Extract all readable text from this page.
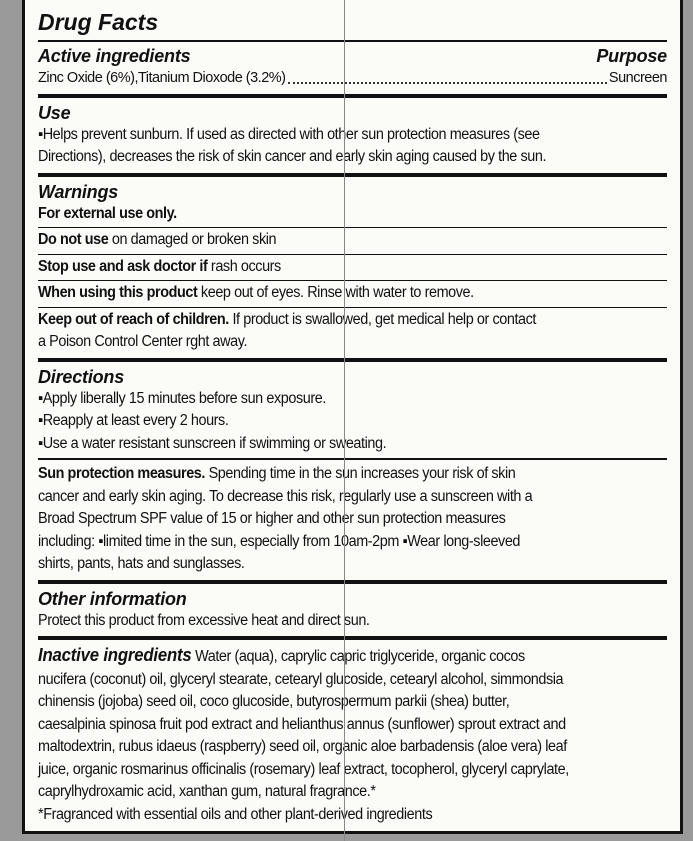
Drug Facts
Active ingredients	Purpose
Zinc Oxide (6%),Titanium Dioxode (3.2%)	Suncreen
Use
▪Helps prevent sunburn. If used as directed with other sun protection measures (see
Directions), decreases the risk of skin cancer and early skin aging caused by the sun.
Warnings
For external use only.
Do not use on damaged or broken skin
Stop use and ask doctor if rash occurs
When using this product keep out of eyes. Rinse with water to remove.
Keep out of reach of children. If product is swallowed, get medical help or contact
a Poison Control Center rght away.
Directions
▪Apply liberally 15 minutes before sun exposure.
▪Reapply at least every 2 hours.
▪Use a water resistant sunscreen if swimming or sweating.
Sun protection measures. Spending time in the sun increases your risk of skin
cancer and early skin aging. To decrease this risk, regularly use a sunscreen with a
Broad Spectrum SPF value of 15 or higher and other sun protection measures
including: ▪limited time in the sun, especially from 10am-2pm ▪Wear long-sleeved
shirts, pants, hats and sunglasses.
Other information
Protect this product from excessive heat and direct sun.
Inactive ingredients Water (aqua), caprylic capric triglyceride, organic cocos
nucifera (coconut) oil, glyceryl stearate, cetearyl glucoside, cetearyl alcohol, simmondsia
chinensis (jojoba) seed oil, coco glucoside, butyrospermum parkii (shea) butter,
caesalpinia spinosa fruit pod extract and helianthus annus (sunflower) sprout extract and
maltodextrin, rubus idaeus (raspberry) seed oil, organic aloe barbadensis (aloe vera) leaf
juice, organic rosmarinus officinalis (rosemary) leaf extract, tocopherol, glyceryl caprylate,
caprylhydroxamic acid, xanthan gum, natural fragrance.*
*Fragranced with essential oils and other plant-derived ingredients
